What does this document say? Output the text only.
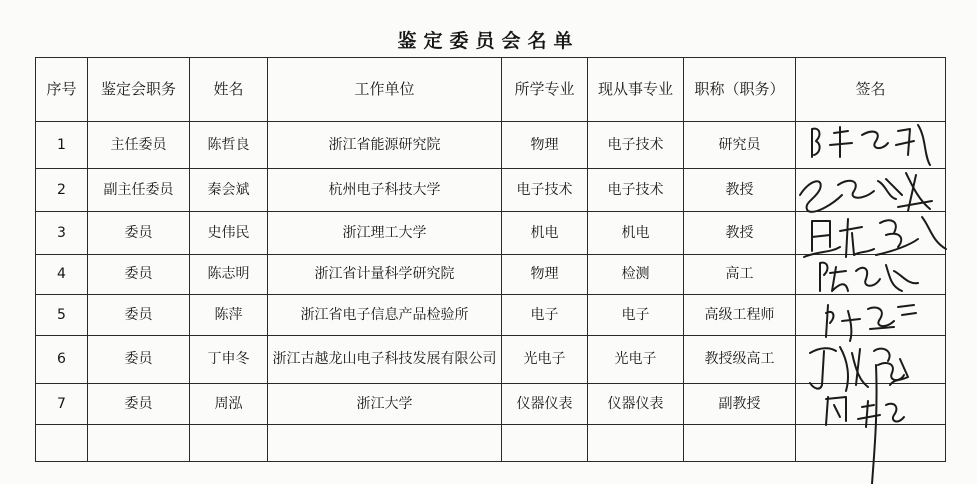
鉴定委员会名单
序号	鉴定会职务	姓名	工作单位	所学专业	现从事专业	职称（职务）	签名
1	主任委员	陈哲良	浙江省能源研究院	物理	电子技术	研究员	
2	副主任委员	秦会斌	杭州电子科技大学	电子技术	电子技术	教授	
3	委员	史伟民	浙江理工大学	机电	机电	教授	
4	委员	陈志明	浙江省计量科学研究院	物理	检测	高工	
5	委员	陈萍	浙江省电子信息产品检验所	电子	电子	高级工程师	
6	委员	丁申冬	浙江古越龙山电子科技发展有限公司	光电子	光电子	教授级高工	
7	委员	周泓	浙江大学	仪器仪表	仪器仪表	副教授	
